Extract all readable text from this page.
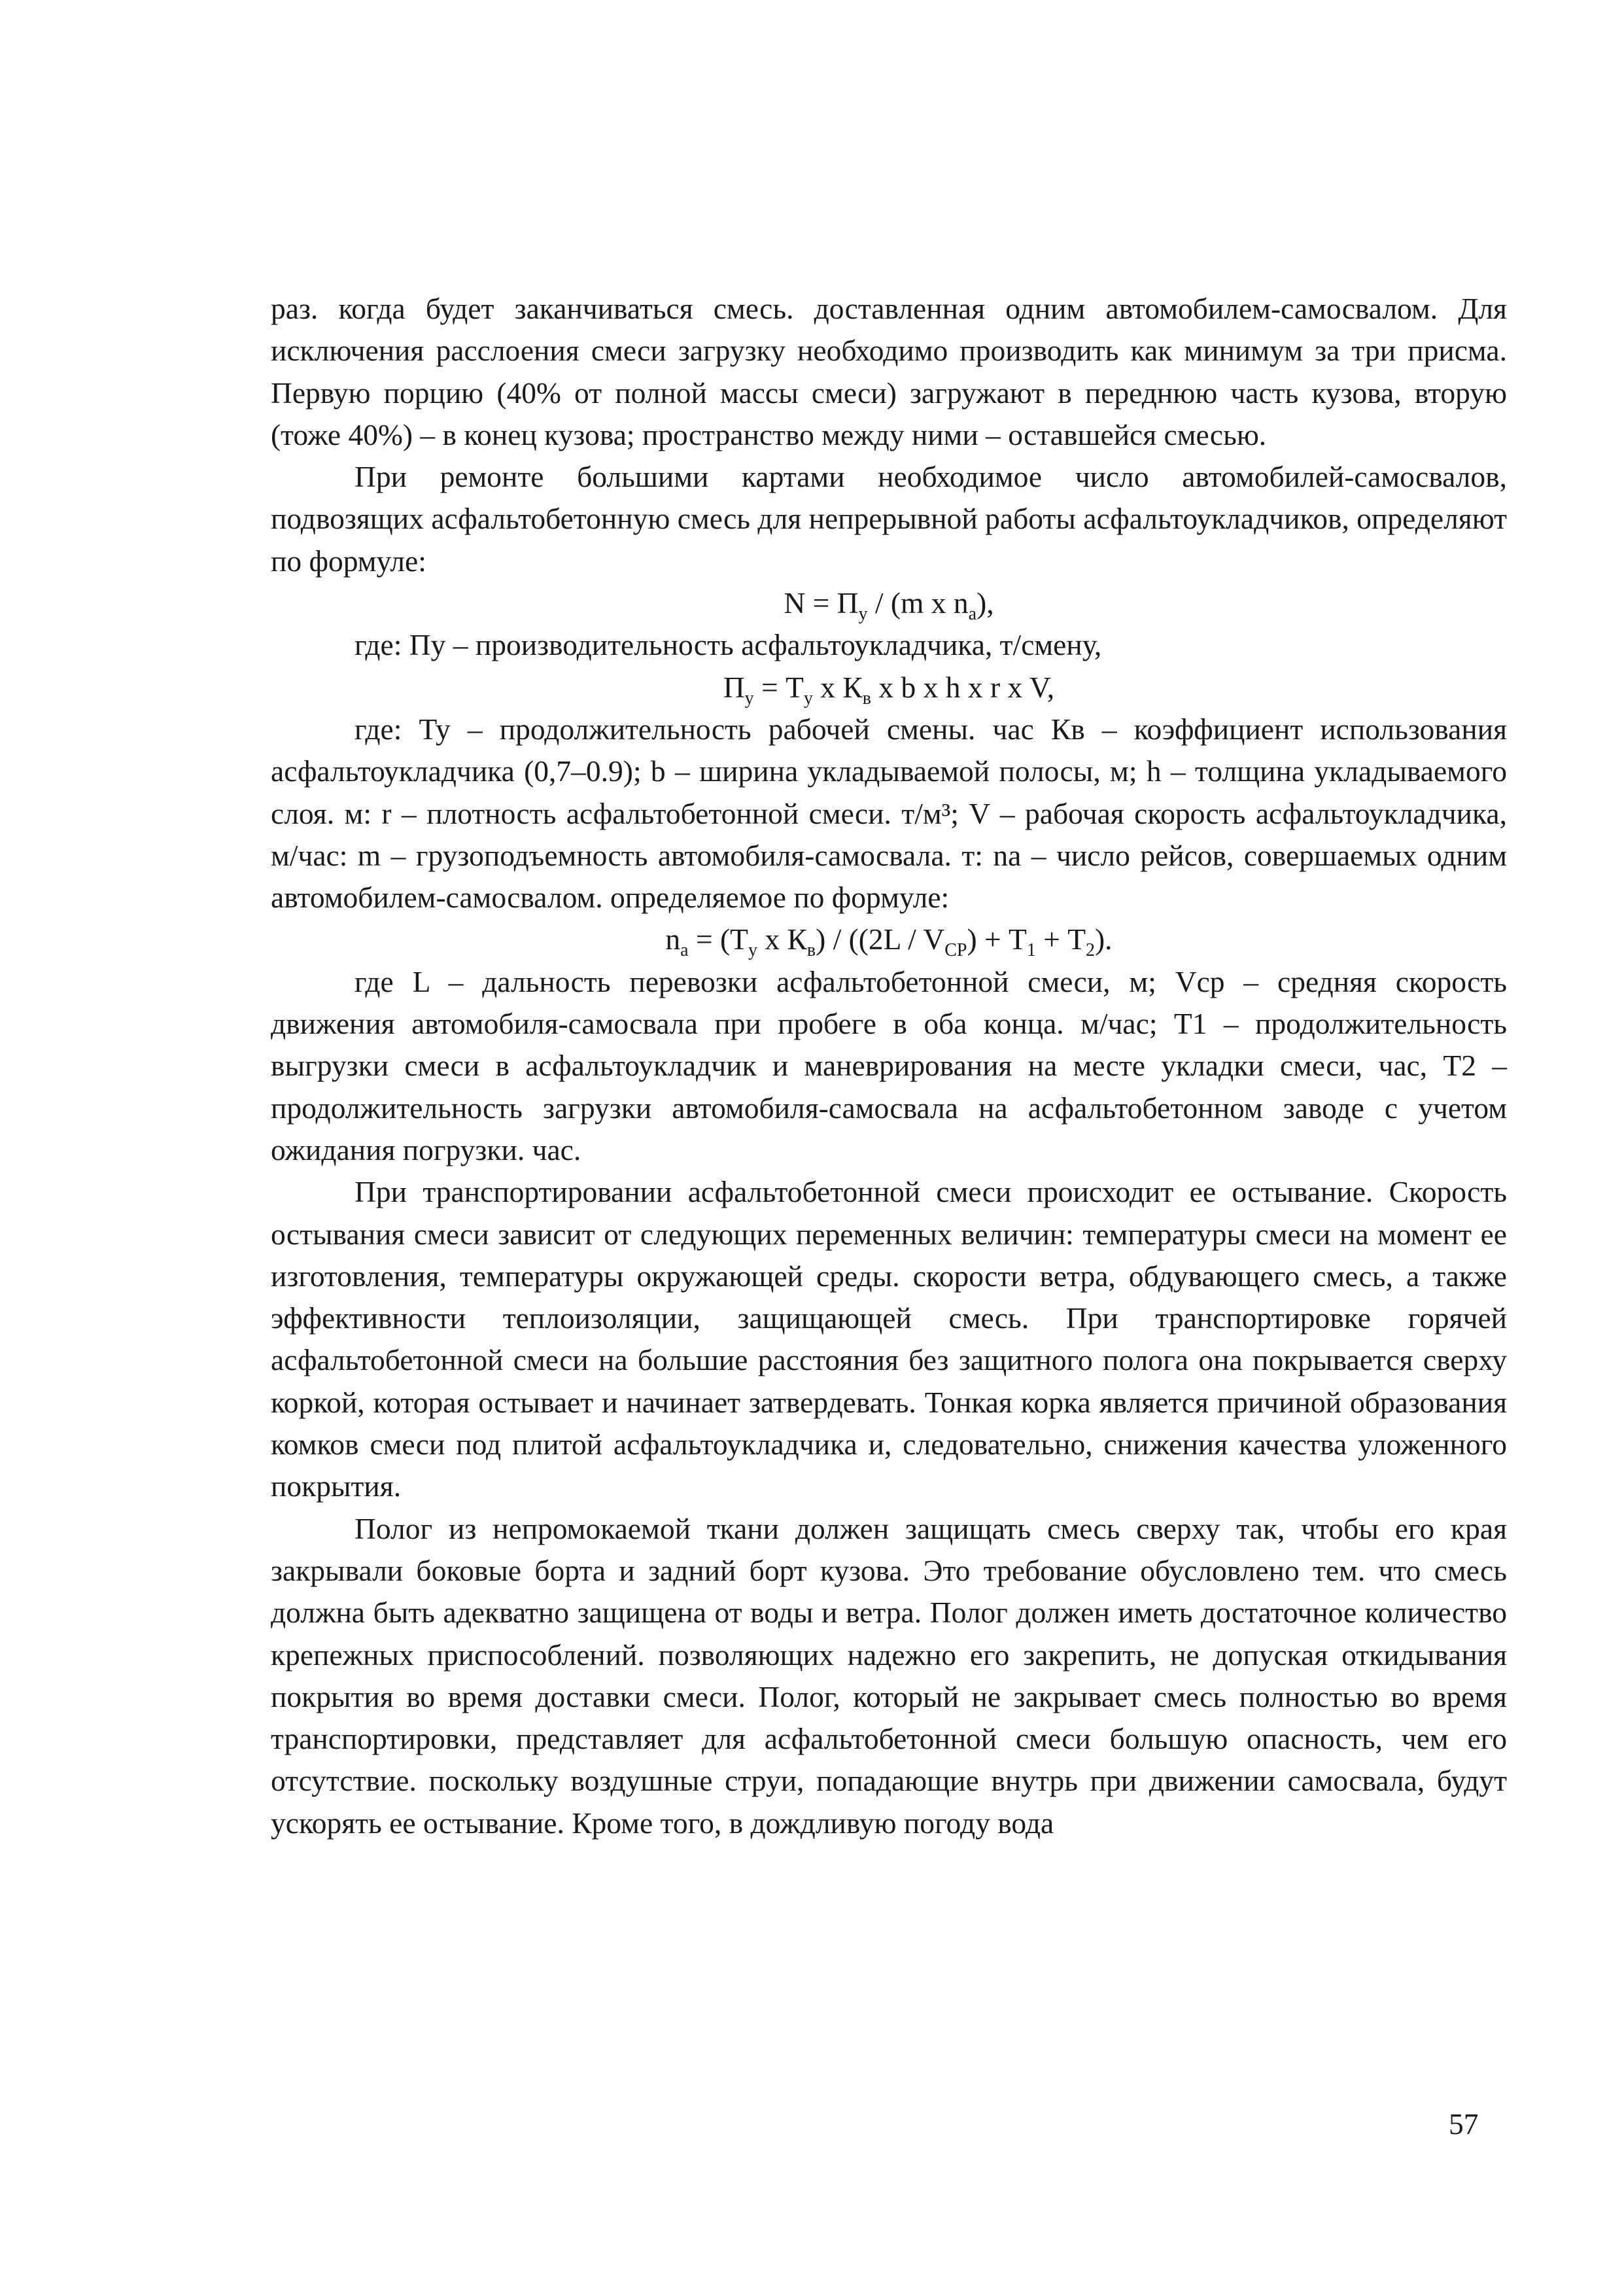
раз. когда будет заканчиваться смесь. доставленная одним автомобилем-самосвалом. Для исключения расслоения смеси загрузку необходимо производить как минимум за три присма. Первую порцию (40% от полной массы смеси) загружают в переднюю часть кузова, вторую (тоже 40%) – в конец кузова; пространство между ними – оставшейся смесью.

При ремонте большими картами необходимое число автомобилей-самосвалов, подвозящих асфальтобетонную смесь для непрерывной работы асфальтоукладчиков, определяют по формуле:

$N = П_у / (m$ x $n_а$),

где: Пу – производительность асфальтоукладчика, т/смену,

$П_у = Т_у$ x $К_в$ x b x h x r x V,

где: Ту – продолжительность рабочей смены. час Кв – коэффициент использования асфальтоукладчика (0,7–0.9); b – ширина укладываемой полосы, м; h – толщина укладываемого слоя. м: r – плотность асфальтобетонной смеси. т/м³; V – рабочая скорость асфальтоукладчика, м/час: m – грузоподъемность автомобиля-самосвала. т: nа – число рейсов, совершаемых одним автомобилем-самосвалом. определяемое по формуле:

$n_а = (Т_у$ x $К_в) / ((2L / V_{СР}) + Т_1 + Т_2)$.

где L – дальность перевозки асфальтобетонной смеси, м; Vср – средняя скорость движения автомобиля-самосвала при пробеге в оба конца. м/час; Т1 – продолжительность выгрузки смеси в асфальтоукладчик и маневрирования на месте укладки смеси, час, Т2 – продолжительность загрузки автомобиля-самосвала на асфальтобетонном заводе с учетом ожидания погрузки. час.

При транспортировании асфальтобетонной смеси происходит ее остывание. Скорость остывания смеси зависит от следующих переменных величин: температуры смеси на момент ее изготовления, температуры окружающей среды. скорости ветра, обдувающего смесь, а также эффективности теплоизоляции, защищающей смесь. При транспортировке горячей асфальтобетонной смеси на большие расстояния без защитного полога она покрывается сверху коркой, которая остывает и начинает затвердевать. Тонкая корка является причиной образования комков смеси под плитой асфальтоукладчика и, следовательно, снижения качества уложенного покрытия.

Полог из непромокаемой ткани должен защищать смесь сверху так, чтобы его края закрывали боковые борта и задний борт кузова. Это требование обусловлено тем. что смесь должна быть адекватно защищена от воды и ветра. Полог должен иметь достаточное количество крепежных приспособлений. позволяющих надежно его закрепить, не допуская откидывания покрытия во время доставки смеси. Полог, который не закрывает смесь полностью во время транспортировки, представляет для асфальтобетонной смеси большую опасность, чем его отсутствие. поскольку воздушные струи, попадающие внутрь при движении самосвала, будут ускорять ее остывание. Кроме того, в дождливую погоду вода

57
